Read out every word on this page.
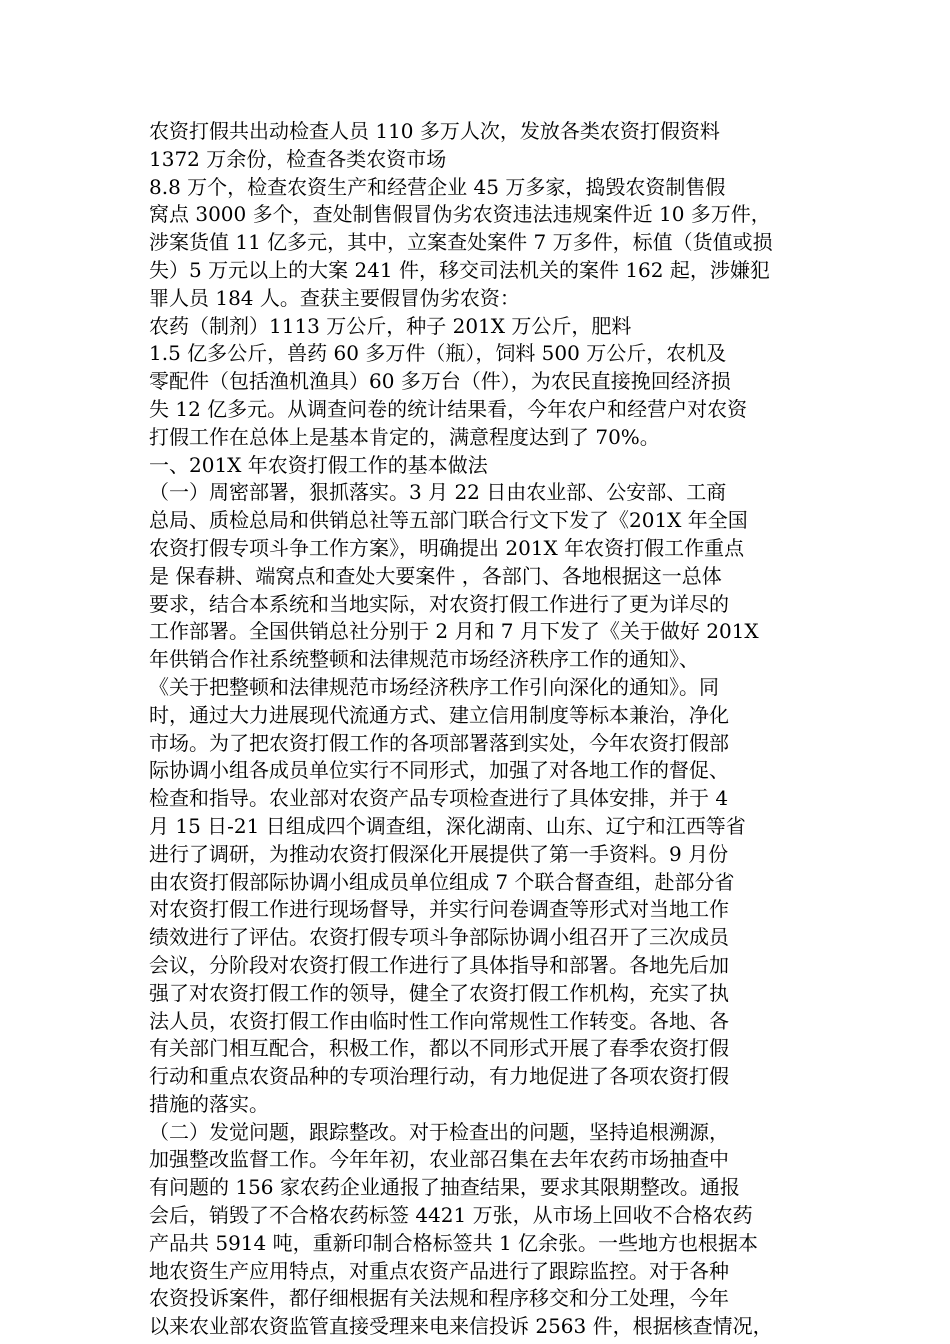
农资打假共出动检查人员 110 多万人次，发放各类农资打假资料
1372 万余份，检查各类农资市场
8.8 万个，检查农资生产和经营企业 45 万多家，捣毁农资制售假
窝点 3000 多个，查处制售假冒伪劣农资违法违规案件近 10 多万件，
涉案货值 11 亿多元，其中，立案查处案件 7 万多件，标值（货值或损
失）5 万元以上的大案 241 件，移交司法机关的案件 162 起，涉嫌犯
罪人员 184 人。查获主要假冒伪劣农资：
农药（制剂）1113 万公斤，种子 201X 万公斤，肥料
1.5 亿多公斤，兽药 60 多万件（瓶），饲料 500 万公斤，农机及
零配件（包括渔机渔具）60 多万台（件），为农民直接挽回经济损
失 12 亿多元。从调查问卷的统计结果看，今年农户和经营户对农资
打假工作在总体上是基本肯定的，满意程度达到了 70%。
一、201X 年农资打假工作的基本做法
（一）周密部署，狠抓落实。3 月 22 日由农业部、公安部、工商
总局、质检总局和供销总社等五部门联合行文下发了《201X 年全国
农资打假专项斗争工作方案》，明确提出 201X 年农资打假工作重点
是 保春耕、端窝点和查处大要案件 ，各部门、各地根据这一总体
要求，结合本系统和当地实际，对农资打假工作进行了更为详尽的
工作部署。全国供销总社分别于 2 月和 7 月下发了《关于做好 201X
年供销合作社系统整顿和法律规范市场经济秩序工作的通知》、
《关于把整顿和法律规范市场经济秩序工作引向深化的通知》。同
时，通过大力进展现代流通方式、建立信用制度等标本兼治，净化
市场。为了把农资打假工作的各项部署落到实处，今年农资打假部
际协调小组各成员单位实行不同形式，加强了对各地工作的督促、
检查和指导。农业部对农资产品专项检查进行了具体安排，并于 4
月 15 日-21 日组成四个调查组，深化湖南、山东、辽宁和江西等省
进行了调研，为推动农资打假深化开展提供了第一手资料。9 月份
由农资打假部际协调小组成员单位组成 7 个联合督查组，赴部分省
对农资打假工作进行现场督导，并实行问卷调查等形式对当地工作
绩效进行了评估。农资打假专项斗争部际协调小组召开了三次成员
会议，分阶段对农资打假工作进行了具体指导和部署。各地先后加
强了对农资打假工作的领导，健全了农资打假工作机构，充实了执
法人员，农资打假工作由临时性工作向常规性工作转变。各地、各
有关部门相互配合，积极工作，都以不同形式开展了春季农资打假
行动和重点农资品种的专项治理行动，有力地促进了各项农资打假
措施的落实。
（二）发觉问题，跟踪整改。对于检查出的问题，坚持追根溯源，
加强整改监督工作。今年年初，农业部召集在去年农药市场抽查中
有问题的 156 家农药企业通报了抽查结果，要求其限期整改。通报
会后，销毁了不合格农药标签 4421 万张，从市场上回收不合格农药
产品共 5914 吨，重新印制合格标签共 1 亿余张。一些地方也根据本
地农资生产应用特点，对重点农资产品进行了跟踪监控。对于各种
农资投诉案件，都仔细根据有关法规和程序移交和分工处理，今年
以来农业部农资监管直接受理来电来信投诉 2563 件，根据核查情况，
